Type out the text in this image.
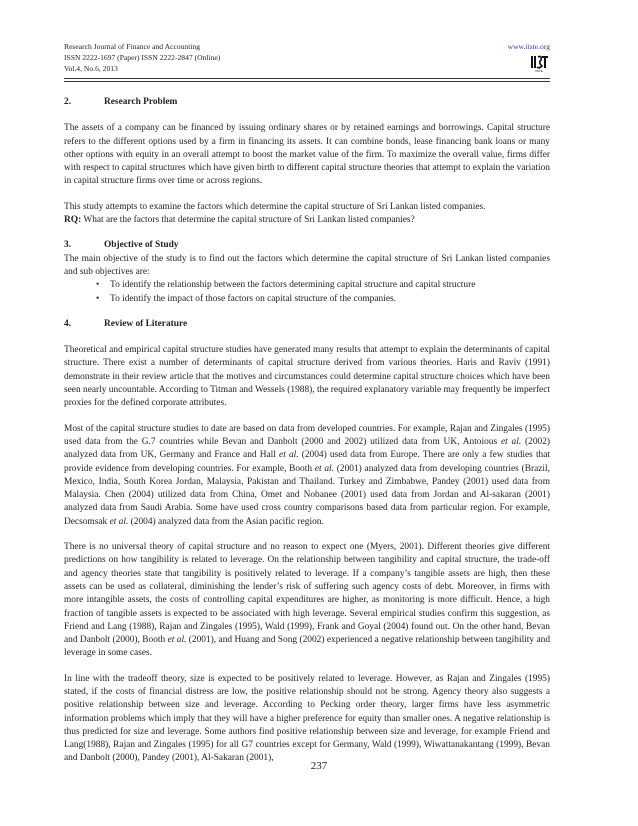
Research Journal of Finance and Accounting	www.iiste.org
ISSN 2222-1697 (Paper) ISSN 2222-2847 (Online)
Vol.4, No.6, 2013	IISTE
2.	Research Problem

The assets of a company can be financed by issuing ordinary shares or by retained earnings and borrowings. Capital structure refers to the different options used by a firm in financing its assets. It can combine bonds, lease financing bank loans or many other options with equity in an overall attempt to boost the market value of the firm. To maximize the overall value, firms differ with respect to capital structures which have given birth to different capital structure theories that attempt to explain the variation in capital structure firms over time or across regions.

This study attempts to examine the factors which determine the capital structure of Sri Lankan listed companies.

RQ: What are the factors that determine the capital structure of Sri Lankan listed companies?

3.	Objective of Study

The main objective of the study is to find out the factors which determine the capital structure of Sri Lankan listed companies and sub objectives are:

• To identify the relationship between the factors determining capital structure and capital structure
• To identify the impact of those factors on capital structure of the companies.
4.	Review of Literature

Theoretical and empirical capital structure studies have generated many results that attempt to explain the determinants of capital structure. There exist a number of determinants of capital structure derived from various theories. Haris and Raviv (1991) demonstrate in their review article that the motives and circumstances could determine capital structure choices which have been seen nearly uncountable. According to Titman and Wessels (1988), the required explanatory variable may frequently be imperfect proxies for the defined corporate attributes.

Most of the capital structure studies to date are based on data from developed countries. For example, Rajan and Zingales (1995) used data from the G.7 countries while Bevan and Danbolt (2000 and 2002) utilized data from UK, Antoious et al. (2002) analyzed data from UK, Germany and France and Hall et al. (2004) used data from Europe. There are only a few studies that provide evidence from developing countries. For example, Booth et al. (2001) analyzed data from developing countries (Brazil, Mexico, India, South Korea Jordan, Malaysia, Pakistan and Thailand. Turkey and Zimbabwe, Pandey (2001) used data from Malaysia. Chen (2004) utilized data from China, Omet and Nobanee (2001) used data from Jordan and Al-sakaran (2001) analyzed data from Saudi Arabia. Some have used cross country comparisons based data from particular region. For example, Decsomsak et al. (2004) analyzed data from the Asian pacific region.

There is no universal theory of capital structure and no reason to expect one (Myers, 2001). Different theories give different predictions on how tangibility is related to leverage. On the relationship between tangibility and capital structure, the trade-off and agency theories state that tangibility is positively related to leverage. If a company’s tangible assets are high, then these assets can be used as collateral, diminishing the lender’s risk of suffering such agency costs of debt. Moreover, in firms with more intangible assets, the costs of controlling capital expenditures are higher, as monitoring is more difficult. Hence, a high fraction of tangible assets is expected to be associated with high leverage. Several empirical studies confirm this suggestion, as Friend and Lang (1988), Rajan and Zingales (1995), Wald (1999), Frank and Goyal (2004) found out. On the other hand, Bevan and Danbolt (2000), Booth et al. (2001), and Huang and Song (2002) experienced a negative relationship between tangibility and leverage in some cases.

In line with the tradeoff theory, size is expected to be positively related to leverage. However, as Rajan and Zingales (1995) stated, if the costs of financial distress are low, the positive relationship should not be strong. Agency theory also suggests a positive relationship between size and leverage. According to Pecking order theory, larger firms have less asymmetric information problems which imply that they will have a higher preference for equity than smaller ones. A negative relationship is thus predicted for size and leverage. Some authors find positive relationship between size and leverage, for example Friend and Lang(1988), Rajan and Zingales (1995) for all G7 countries except for Germany, Wald (1999), Wiwattanakantang (1999), Bevan and Danbolt (2000), Pandey (2001), Al-Sakaran (2001),

237
